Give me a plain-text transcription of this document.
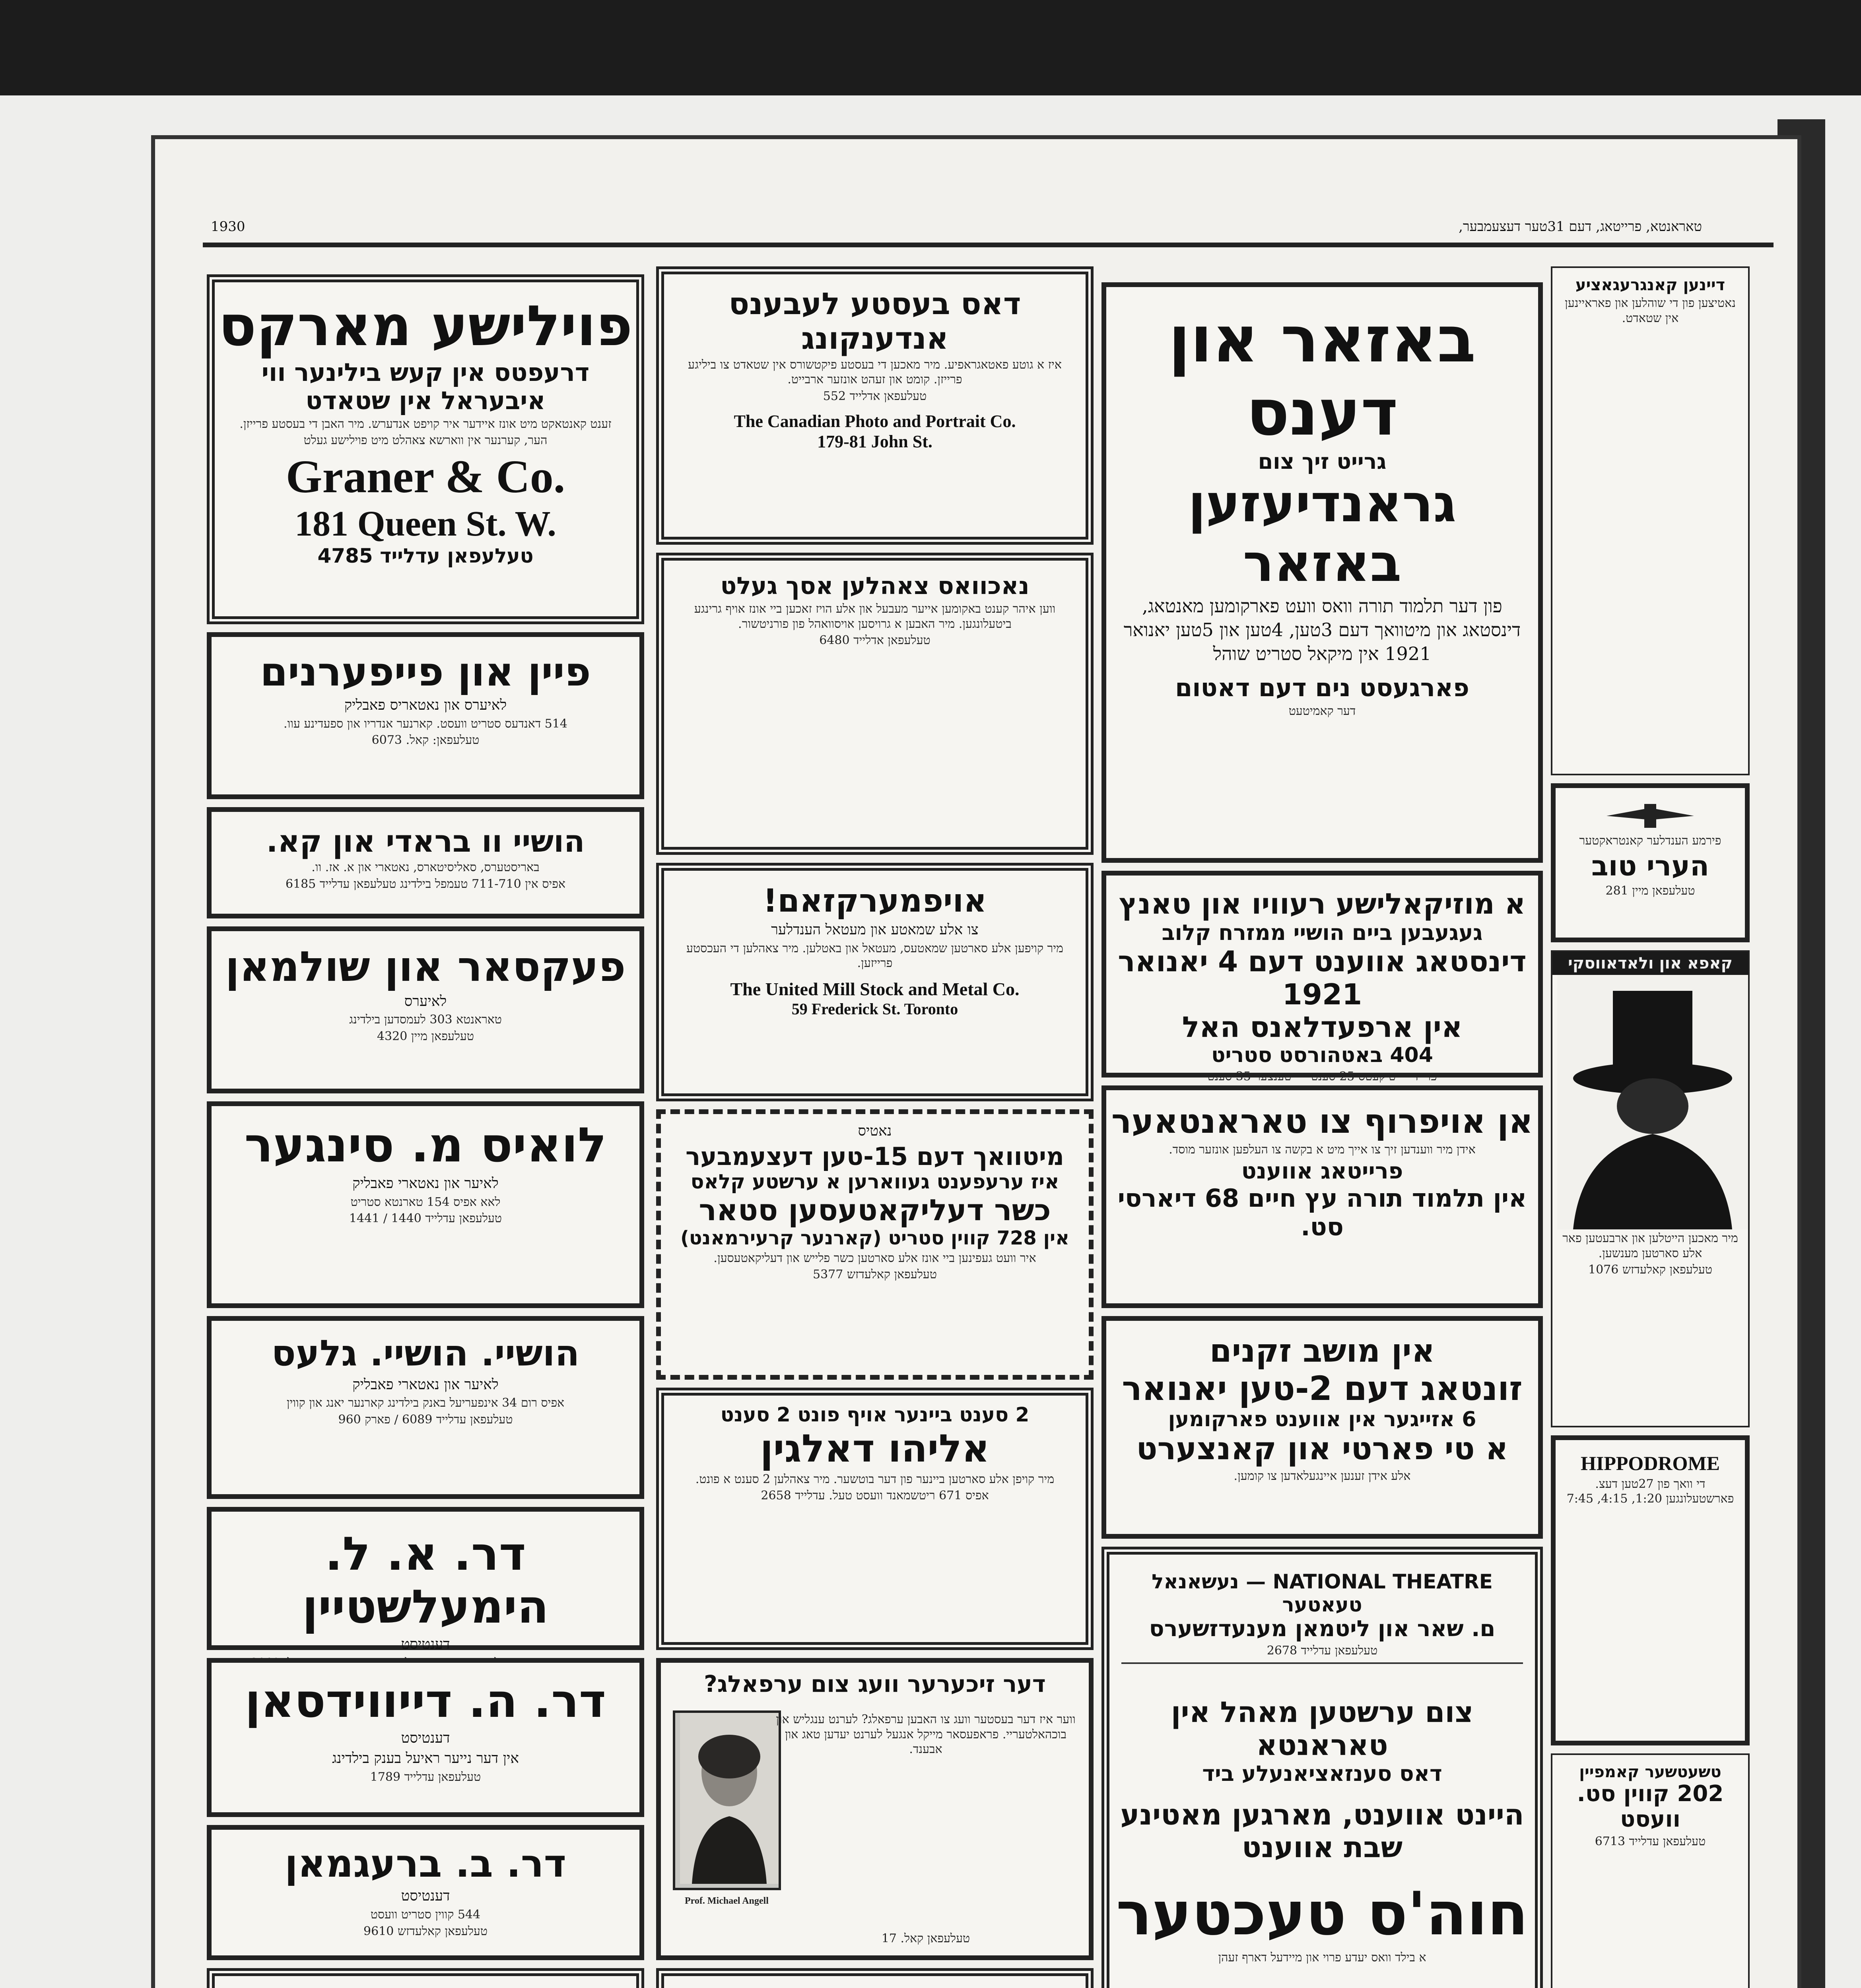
טאראנטא, פרייטאג, דעם 31טער דעצעמבער,
1930
פוילישע מארקס
דרעפטס אין קעש בילינער ווי
איבעראל אין שטאדט
זענט קאנטאקט מיט אונז איידער איר קויפט אנדערש. מיר האבן די בעסטע פרייזן.
הער, קערנער אין ווארשא צאהלט מיט פוילישע געלט
Graner & Co.
181 Queen St. W.
טעלעפאן עדלייד 4785
פיין און פייפערנים
לאיערס און נאטאריס פאבליק
514 דאנדעס סטריט וועסט. קארנער אנדריו און ספעדינע עוו.
טעלעפאן: קאל. 6073
הושיי וו בראדי און קא.
באריסטערס, סאליסיטארס, נאטארי און א. אז. וו.
אפיס אין 711-710 טעמפל בילדינג טעלעפאן עדלייד 6185
פעקסאר און שולמאן
לאיערס
טאראנטא 303 לעמסדען בילדינג
טעלעפאן מיין 4320
לואיס מ. סינגער
לאיער און נאטארי פאבליק
לאא אפיס 154 טארנטא סטריט
טעלעפאן עדלייד 1440 / 1441
הושיי. הושיי. גלעס
לאיער און נאטארי פאבליק
אפיס רום 34 אינפעריעל באנק בילדינג קארנער יאנג און קווין
טעלעפאן עדלייד 6089 / פארק 960
דר. א. ל. הימעלשטיין
דענטיסט
דר. ה. דייווידסאן
דענטיסט
אין דער נייער ראיעל בענק בילדינג
טעלעפאן עדלייד 1789
דר. ב. ברעגמאן
דענטיסט
544 קווין סטריט וועסט
טעלעפאן קאלעדזש 9610
דאס בעסטע לעבענס אנדענקונג
איז א גוטע פאטאגראפיע. מיר מאכען די בעסטע פיקטשורס אין שטאדט צו ביליגע פרייזן. קומט און זעהט אונזער ארבייט.
טעלעפאן אדלייד 552
The Canadian Photo and Portrait Co.
179-81 John St.
נאכוואס צאהלען אסך געלט
ווען איהר קענט באקומען אייער מעבעל און אלע הויז זאכען ביי אונז אויף גרינגע ביטעלונגען. מיר האבען א גרויסען אויסוואהל פון פורניטשור.
טעלעפאן אדלייד 6480
אויפמערקזאם!
צו אלע שמאטע און מעטאל הענדלער
מיר קויפען אלע סארטען שמאטעס, מעטאל און באטלען. מיר צאהלען די העכסטע פרייזען.
The United Mill Stock and Metal Co.
59 Frederick St. Toronto
נאטיס
מיטוואך דעם 15-טען דעצעמבער
איז ערעפענט געווארען א ערשטע קלאס
כשר דעליקאטעסען סטאר
אין 728 קווין סטריט (קארנער קרעירמאנט)
איר וועט געפינען ביי אונז אלע סארטען כשר פלייש און דעליקאטעסען.
טעלעפאן קאלעדזש 5377
2 סענט ביינער אויף פונט 2 סענט
אליהו דאלגין
מיר קויפן אלע סארטען ביינער פון דער בוטשער. מיר צאהלען 2 סענט א פונט.
אפיס 671 ריטשמאנד וועסט טעל. עדלייד 2658
דער זיכערער וועג צום ערפאלג?
Prof. Michael Angell
ווער איז דער בעסטער וועג צו האבען ערפאלג? לערנט ענגליש און בוכהאלטעריי. פראפעסאר מייקל אנגעל לערנט יעדען טאג און אבענד.
טעלעפאן קאל. 17
באזאר און דענס
גרייט זיך צום
גראנדיעזען באזאר
פון דער תלמוד תורה וואס וועט פארקומען מאנטאג, דינסטאג און מיטוואך דעם 3טען, 4טען און 5טען יאנואר 1921 אין מיקאל סטריט שוהל
פארגעסט נים דעם דאטום
דער קאמיטעט
א מוזיקאלישע רעוויו און טאנץ
געגעבען ביים הושיי ממזרח קלוב
דינסטאג אווענט דעם 4 יאנואר 1921
אין ארפעדלאנס האל
404 באטהורסט סטריט
פרייז — טיקעטס 25 סענט — טענצער 35 סענט
אן אויפרוף צו טאראנטאער
אידן מיר ווענדען זיך צו אייך מיט א בקשה צו העלפען אונזער מוסד.
פרייטאג אווענט
אין תלמוד תורה עץ חיים 68 דיארסי סט.
אין מושב זקנים
זונטאג דעם 2-טען יאנואר
6 אזייגער אין אווענט פארקומען
א טי פארטי און קאנצערט
אלע אידן זענען איינגעלאדען צו קומען.
NATIONAL THEATRE — נעשאנאל טעאטער
ם. שאר און ליטמאן מענעדזשערס
טעלעפאן עדלייד 2678
צום ערשטען מאהל אין טאראנטא
דאס סענזאציאנעלע ביד
היינט אווענט, מארגען מאטינע
שבת אווענט
חוה'ס טעכטער
א בילד וואס יעדע פרוי און מיידעל דארף זעהן
דיינען קאנגרעגאציע
נאטיצען פון די שוהלען און פאראיינען אין שטאדט.
פירמע הענדלער קאנטראקטער
הערי טוב
טעלעפאן מיין 281
קאפא און ולאדאווסקי
מיר מאכען הייטלען און ארבעטען פאר אלע סארטען מענשען.
טעלעפאן קאלעדזש 1076
HIPPODROME
די וואך פון 27טען דעצ. פארשטעלונגען 1:20, 4:15, 7:45
טשעטשער קאמפיין
202 קווין סט. וועסט
טעלעפאן עדלייד 6713
